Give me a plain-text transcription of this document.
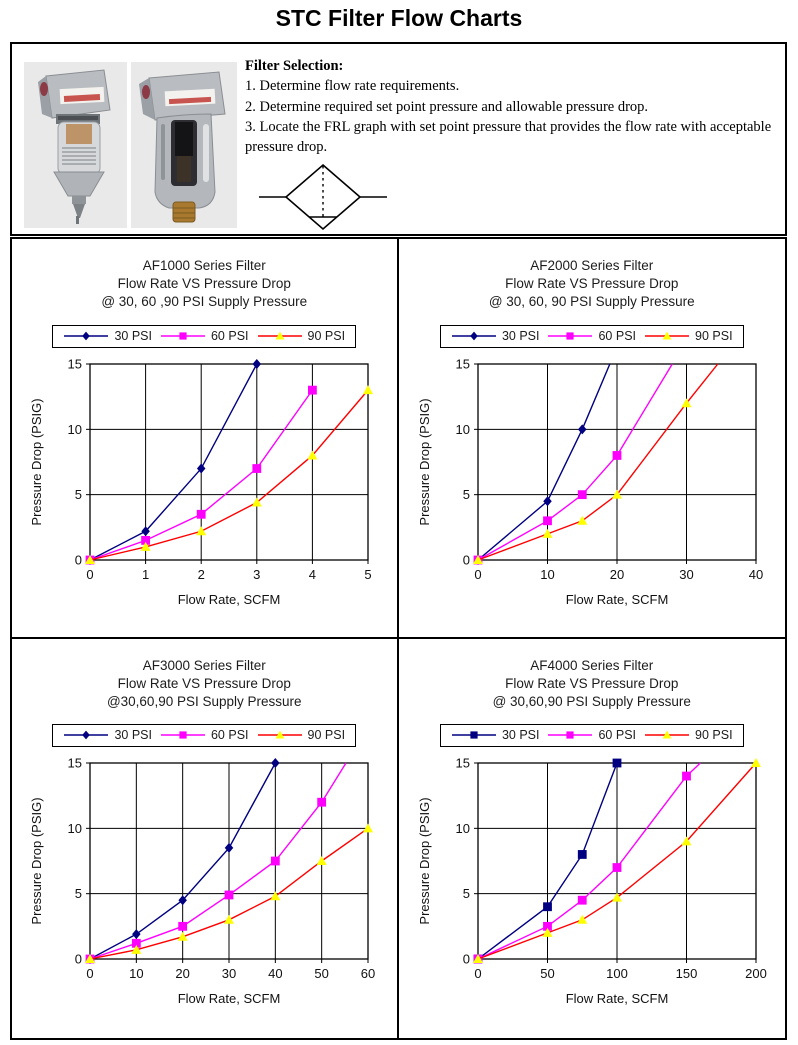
STC Filter Flow Charts
Filter Selection:
1. Determine flow rate requirements.
2. Determine required set point pressure and allowable pressure drop.
3. Locate the FRL graph with set point pressure that provides the flow rate with acceptable pressure drop.
AF1000 Series Filter
Flow Rate VS Pressure Drop
@ 30, 60 ,90 PSI Supply Pressure
30 PSI	60 PSI	90 PSI
0	1	2	3	4	5
0
5
10
15
Flow Rate, SCFM
Pressure Drop (PSIG)
AF2000 Series Filter
Flow Rate VS Pressure Drop
@ 30, 60, 90 PSI Supply Pressure
30 PSI	60 PSI	90 PSI
0	10	20	30	40
0
5
10
15
Flow Rate, SCFM
Pressure Drop (PSIG)
AF3000 Series Filter
Flow Rate VS Pressure Drop
@30,60,90 PSI Supply Pressure
30 PSI	60 PSI	90 PSI
0	10 20 30 40 50 60
0
5
10
15
Flow Rate, SCFM
Pressure Drop (PSIG)
AF4000 Series Filter
Flow Rate VS Pressure Drop
@ 30,60,90 PSI Supply Pressure
30 PSI	60 PSI	90 PSI
0	50	100	150	200
0
5
10
15
Flow Rate, SCFM
Pressure Drop (PSIG)
